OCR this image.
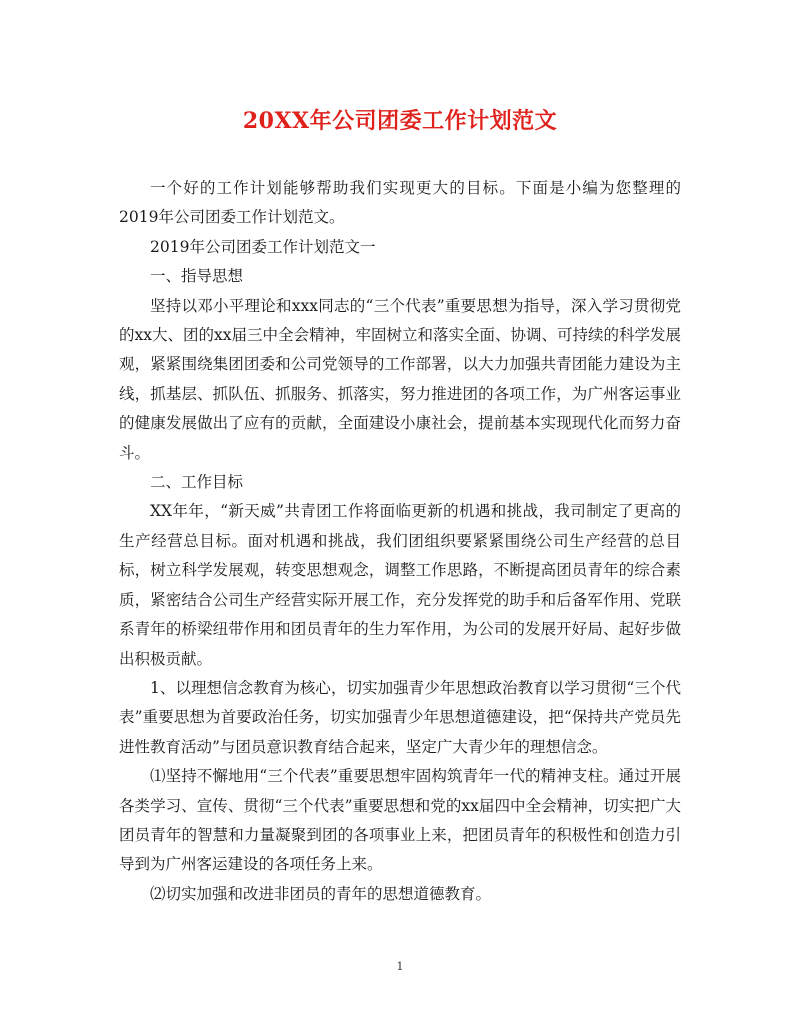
20XX年公司团委工作计划范文

一个好的工作计划能够帮助我们实现更大的目标。下面是小编为您整理的2019年公司团委工作计划范文。

2019年公司团委工作计划范文一

一、指导思想

坚持以邓小平理论和xxx同志的“三个代表”重要思想为指导，深入学习贯彻党的xx大、团的xx届三中全会精神，牢固树立和落实全面、协调、可持续的科学发展观，紧紧围绕集团团委和公司党领导的工作部署，以大力加强共青团能力建设为主线，抓基层、抓队伍、抓服务、抓落实，努力推进团的各项工作，为广州客运事业的健康发展做出了应有的贡献，全面建设小康社会，提前基本实现现代化而努力奋斗。

二、工作目标

XX年年，“新天威”共青团工作将面临更新的机遇和挑战，我司制定了更高的生产经营总目标。面对机遇和挑战，我们团组织要紧紧围绕公司生产经营的总目标，树立科学发展观，转变思想观念，调整工作思路，不断提高团员青年的综合素质，紧密结合公司生产经营实际开展工作，充分发挥党的助手和后备军作用、党联系青年的桥梁纽带作用和团员青年的生力军作用，为公司的发展开好局、起好步做出积极贡献。

1、以理想信念教育为核心，切实加强青少年思想政治教育以学习贯彻“三个代表”重要思想为首要政治任务，切实加强青少年思想道德建设，把“保持共产党员先进性教育活动”与团员意识教育结合起来，坚定广大青少年的理想信念。

⑴坚持不懈地用“三个代表”重要思想牢固构筑青年一代的精神支柱。通过开展各类学习、宣传、贯彻“三个代表”重要思想和党的xx届四中全会精神，切实把广大团员青年的智慧和力量凝聚到团的各项事业上来，把团员青年的积极性和创造力引导到为广州客运建设的各项任务上来。

⑵切实加强和改进非团员的青年的思想道德教育。

1
